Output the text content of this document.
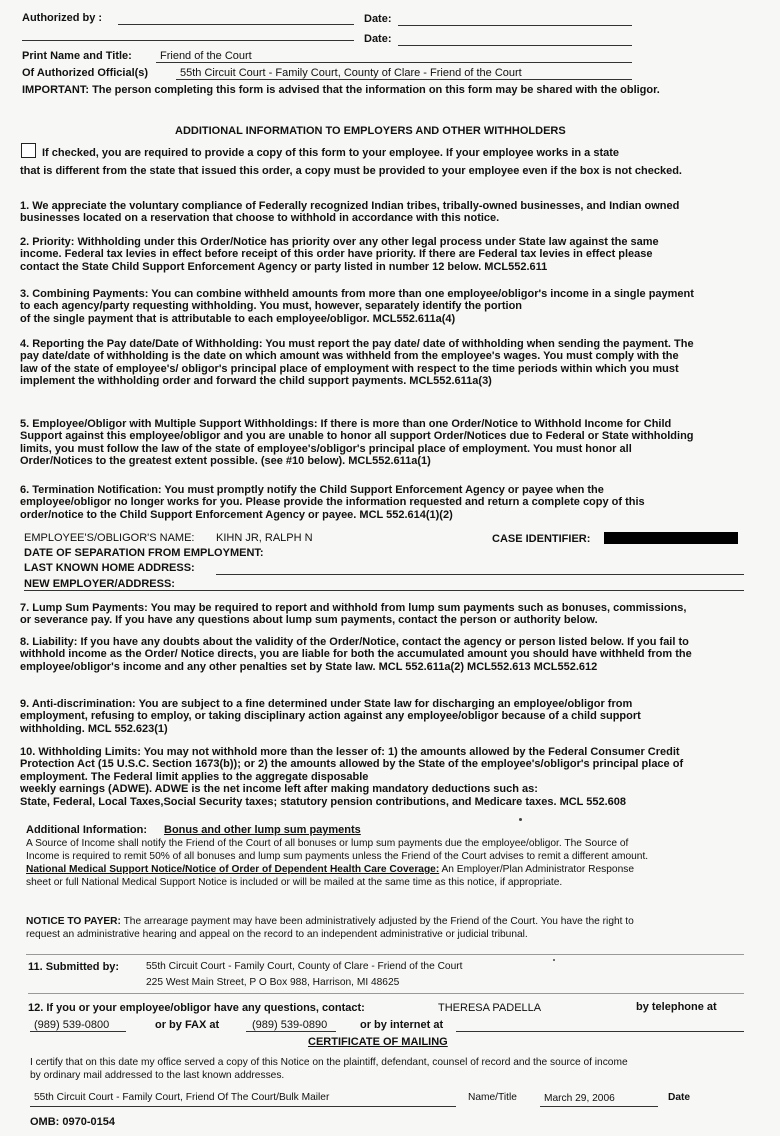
Authorized by :	Date:
Date:
Print Name and Title:	Friend of the Court
Of Authorized Official(s)	55th Circuit Court - Family Court, County of Clare - Friend of the Court
IMPORTANT: The person completing this form is advised that the information on this form may be shared with the obligor.
ADDITIONAL INFORMATION TO EMPLOYERS AND OTHER WITHHOLDERS
If checked, you are required to provide a copy of this form to your employee. If your employee works in a state
that is different from the state that issued this order, a copy must be provided to your employee even if the box is not checked.
1. We appreciate the voluntary compliance of Federally recognized Indian tribes, tribally-owned businesses, and Indian owned
businesses located on a reservation that choose to withhold in accordance with this notice.
2. Priority: Withholding under this Order/Notice has priority over any other legal process under State law against the same
income. Federal tax levies in effect before receipt of this order have priority. If there are Federal tax levies in effect please
contact the State Child Support Enforcement Agency or party listed in number 12 below. MCL552.611
3. Combining Payments: You can combine withheld amounts from more than one employee/obligor's income in a single payment
to each agency/party requesting withholding. You must, however, separately identify the portion
of the single payment that is attributable to each employee/obligor. MCL552.611a(4)
4. Reporting the Pay date/Date of Withholding: You must report the pay date/ date of withholding when sending the payment. The
pay date/date of withholding is the date on which amount was withheld from the employee's wages. You must comply with the
law of the state of employee's/ obligor's principal place of employment with respect to the time periods within which you must
implement the withholding order and forward the child support payments. MCL552.611a(3)
5. Employee/Obligor with Multiple Support Withholdings: If there is more than one Order/Notice to Withhold Income for Child
Support against this employee/obligor and you are unable to honor all support Order/Notices due to Federal or State withholding
limits, you must follow the law of the state of employee's/obligor's principal place of employment. You must honor all
Order/Notices to the greatest extent possible. (see #10 below). MCL552.611a(1)
6. Termination Notification: You must promptly notify the Child Support Enforcement Agency or payee when the
employee/obligor no longer works for you. Please provide the information requested and return a complete copy of this
order/notice to the Child Support Enforcement Agency or payee. MCL 552.614(1)(2)
EMPLOYEE'S/OBLIGOR'S NAME: KIHN JR, RALPH N	CASE IDENTIFIER:
DATE OF SEPARATION FROM EMPLOYMENT:
LAST KNOWN HOME ADDRESS:
NEW EMPLOYER/ADDRESS:
7. Lump Sum Payments: You may be required to report and withhold from lump sum payments such as bonuses, commissions,
or severance pay. If you have any questions about lump sum payments, contact the person or authority below.
8. Liability: If you have any doubts about the validity of the Order/Notice, contact the agency or person listed below. If you fail to
withhold income as the Order/ Notice directs, you are liable for both the accumulated amount you should have withheld from the
employee/obligor's income and any other penalties set by State law. MCL 552.611a(2) MCL552.613 MCL552.612
9. Anti-discrimination: You are subject to a fine determined under State law for discharging an employee/obligor from
employment, refusing to employ, or taking disciplinary action against any employee/obligor because of a child support
withholding. MCL 552.623(1)
10. Withholding Limits: You may not withhold more than the lesser of: 1) the amounts allowed by the Federal Consumer Credit
Protection Act (15 U.S.C. Section 1673(b)); or 2) the amounts allowed by the State of the employee's/obligor's principal place of
employment. The Federal limit applies to the aggregate disposable
weekly earnings (ADWE). ADWE is the net income left after making mandatory deductions such as:
State, Federal, Local Taxes,Social Security taxes; statutory pension contributions, and Medicare taxes. MCL 552.608
Additional Information: Bonus and other lump sum payments
A Source of Income shall notify the Friend of the Court of all bonuses or lump sum payments due the employee/obligor. The Source of
Income is required to remit 50% of all bonuses and lump sum payments unless the Friend of the Court advises to remit a different amount.
National Medical Support Notice/Notice of Order of Dependent Health Care Coverage: An Employer/Plan Administrator Response
sheet or full National Medical Support Notice is included or will be mailed at the same time as this notice, if appropriate.
NOTICE TO PAYER: The arrearage payment may have been administratively adjusted by the Friend of the Court. You have the right to
request an administrative hearing and appeal on the record to an independent administrative or judicial tribunal.
11. Submitted by:	55th Circuit Court - Family Court, County of Clare - Friend of the Court
225 West Main Street, P O Box 988, Harrison, MI 48625
12. If you or your employee/obligor have any questions, contact:	THERESA PADELLA	by telephone at
(989) 539-0800	or by FAX at	(989) 539-0890	or by internet at
CERTIFICATE OF MAILING
I certify that on this date my office served a copy of this Notice on the plaintiff, defendant, counsel of record and the source of income
by ordinary mail addressed to the last known addresses.
55th Circuit Court - Family Court, Friend Of The Court/Bulk Mailer	Name/Title	March 29, 2006	Date
OMB: 0970-0154
